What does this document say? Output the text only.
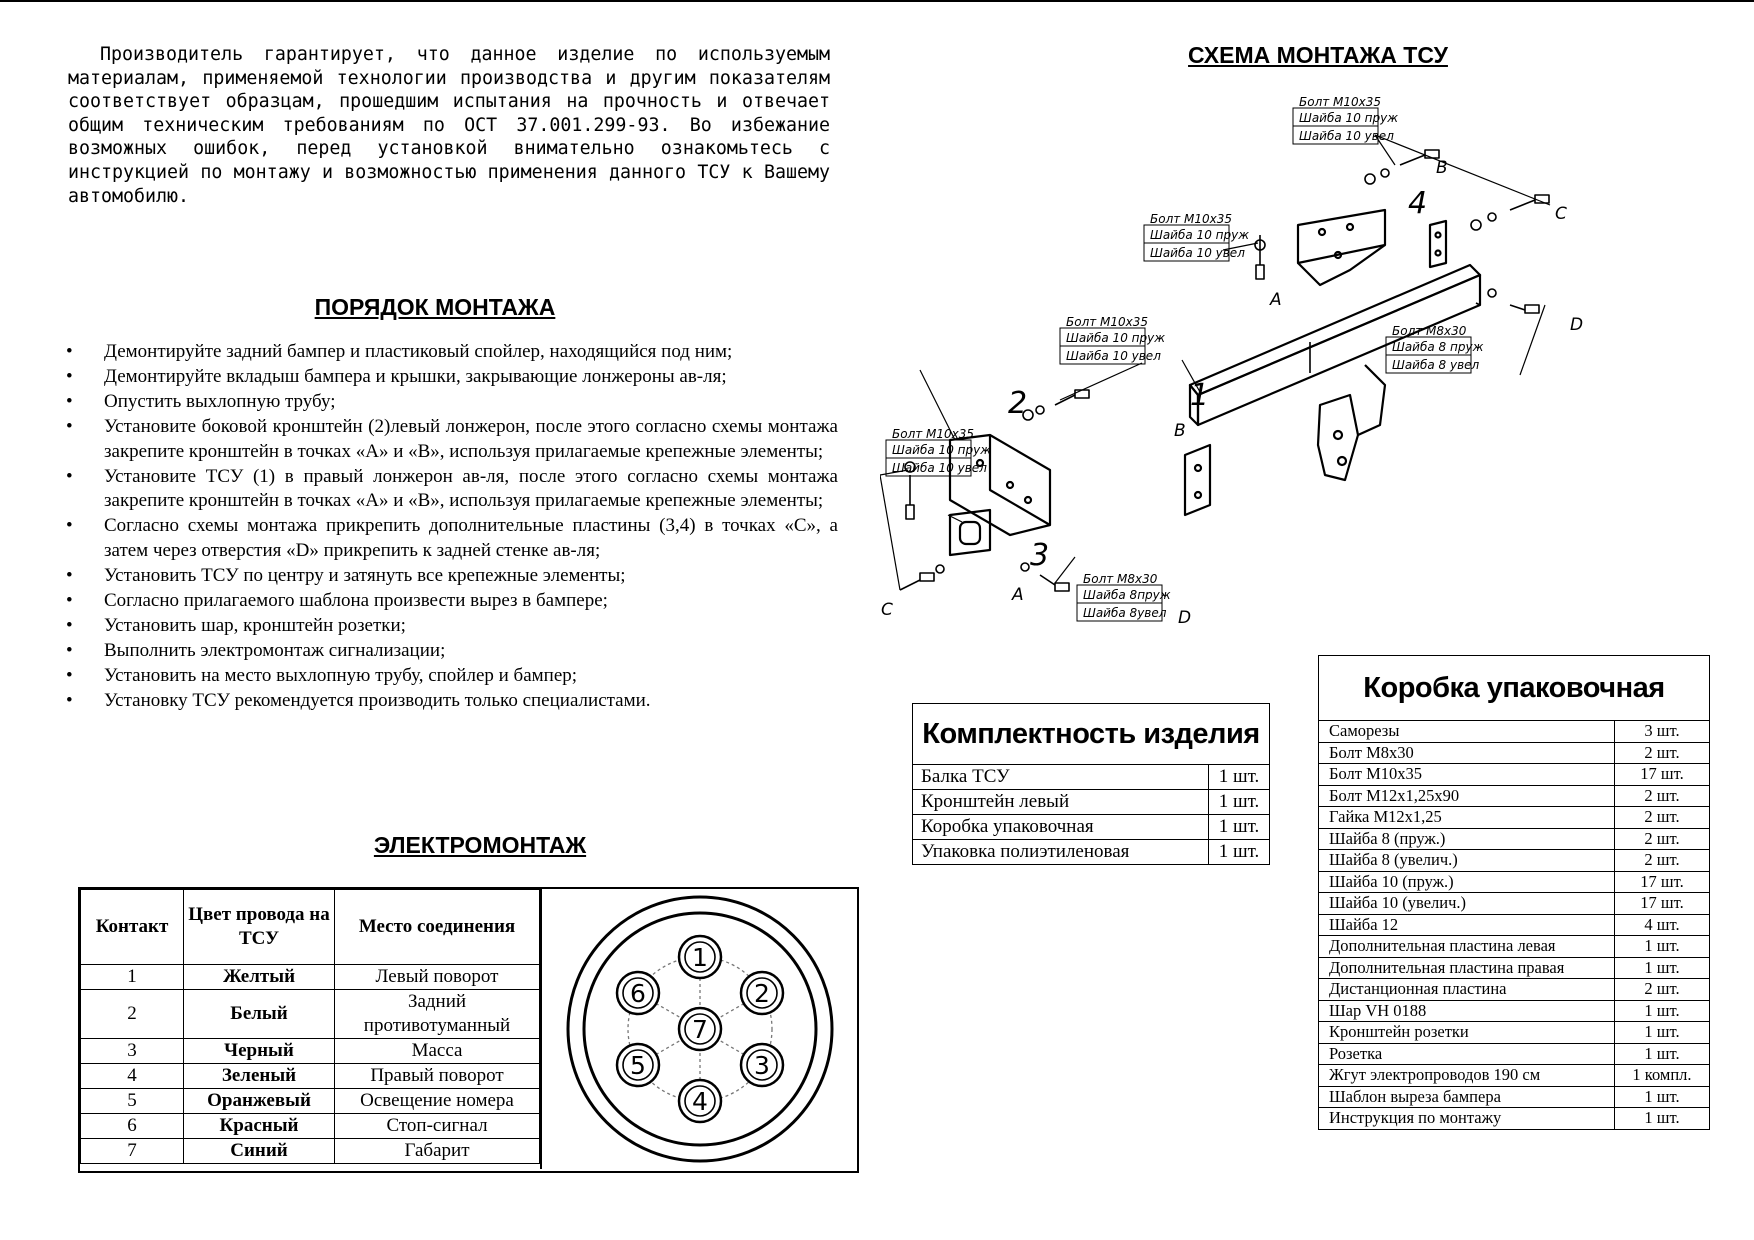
Производитель гарантирует, что данное изделие по используемым материалам, применяемой технологии производства и другим показателям соответствует образцам, прошедшим испытания на прочность и отвечает общим техническим требованиям по ОСТ 37.001.299-93. Во избежание возможных ошибок, перед установкой внимательно ознакомьтесь с инструкцией по монтажу и возможностью применения данного ТСУ к Вашему автомобилю.

ПОРЯДОК МОНТАЖА
• Демонтируйте задний бампер и пластиковый спойлер, находящийся под ним;
• Демонтируйте вкладыш бампера и крышки, закрывающие лонжероны ав-ля;
• Опустить выхлопную трубу;
• Установите боковой кронштейн (2)левый лонжерон, после этого согласно схемы монтажа закрепите кронштейн в точках «А» и «В», используя прилагаемые крепежные элементы;
• Установите ТСУ (1) в правый лонжерон ав-ля, после этого согласно схемы монтажа закрепите кронштейн в точках «А» и «В», используя прилагаемые крепежные элементы;
• Согласно схемы монтажа прикрепить дополнительные пластины (3,4) в точках «С», а затем через отверстия «D» прикрепить к задней стенке ав-ля;
• Установить ТСУ по центру и затянуть все крепежные элементы;
• Согласно прилагаемого шаблона произвести вырез в бампере;
• Установить шар, кронштейн розетки;
• Выполнить электромонтаж сигнализации;
• Установить на место выхлопную трубу, спойлер и бампер;
• Установку ТСУ рекомендуется производить только специалистами.
ЭЛЕКТРОМОНТАЖ
Контакт	Цвет провода на ТСУ	Место соединения
1	Желтый	Левый поворот
2	Белый	Задний противотуманный
3	Черный	Масса
4	Зеленый	Правый поворот
5	Оранжевый	Освещение номера
6	Красный	Стоп-сигнал
7	Синий	Габарит
1
2
3
4
5
6
7
СХЕМА МОНТАЖА ТСУ
Болт М10х35
Шайба 10 пруж
Шайба 10 увел
Болт М10х35
Шайба 10 пруж
Шайба 10 увел
Болт М8х30
Шайба 8 пруж
Шайба 8 увел
Болт М10х35
Шайба 10 пруж
Шайба 10 увел
Болт М10х35
Шайба 10 пруж
Шайба 10 увел
Болт М8х30
Шайба 8пруж
Шайба 8увел
1
2
3
4
C
C
A
A
B
B
D
D
Комплектность изделия	
Балка ТСУ	1 шт.
Кронштейн левый	1 шт.
Коробка упаковочная	1 шт.
Упаковка полиэтиленовая	1 шт.
Коробка упаковочная	
Саморезы	3 шт.
Болт М8х30	2 шт.
Болт М10х35	17 шт.
Болт М12х1,25х90	2 шт.
Гайка М12х1,25	2 шт.
Шайба 8 (пруж.)	2 шт.
Шайба 8 (увелич.)	2 шт.
Шайба 10 (пруж.)	17 шт.
Шайба 10 (увелич.)	17 шт.
Шайба 12	4 шт.
Дополнительная пластина левая	1 шт.
Дополнительная пластина правая	1 шт.
Дистанционная пластина	2 шт.
Шар VH 0188	1 шт.
Кронштейн розетки	1 шт.
Розетка	1 шт.
Жгут электропроводов 190 см	1 компл.
Шаблон выреза бампера	1 шт.
Инструкция по монтажу	1 шт.
